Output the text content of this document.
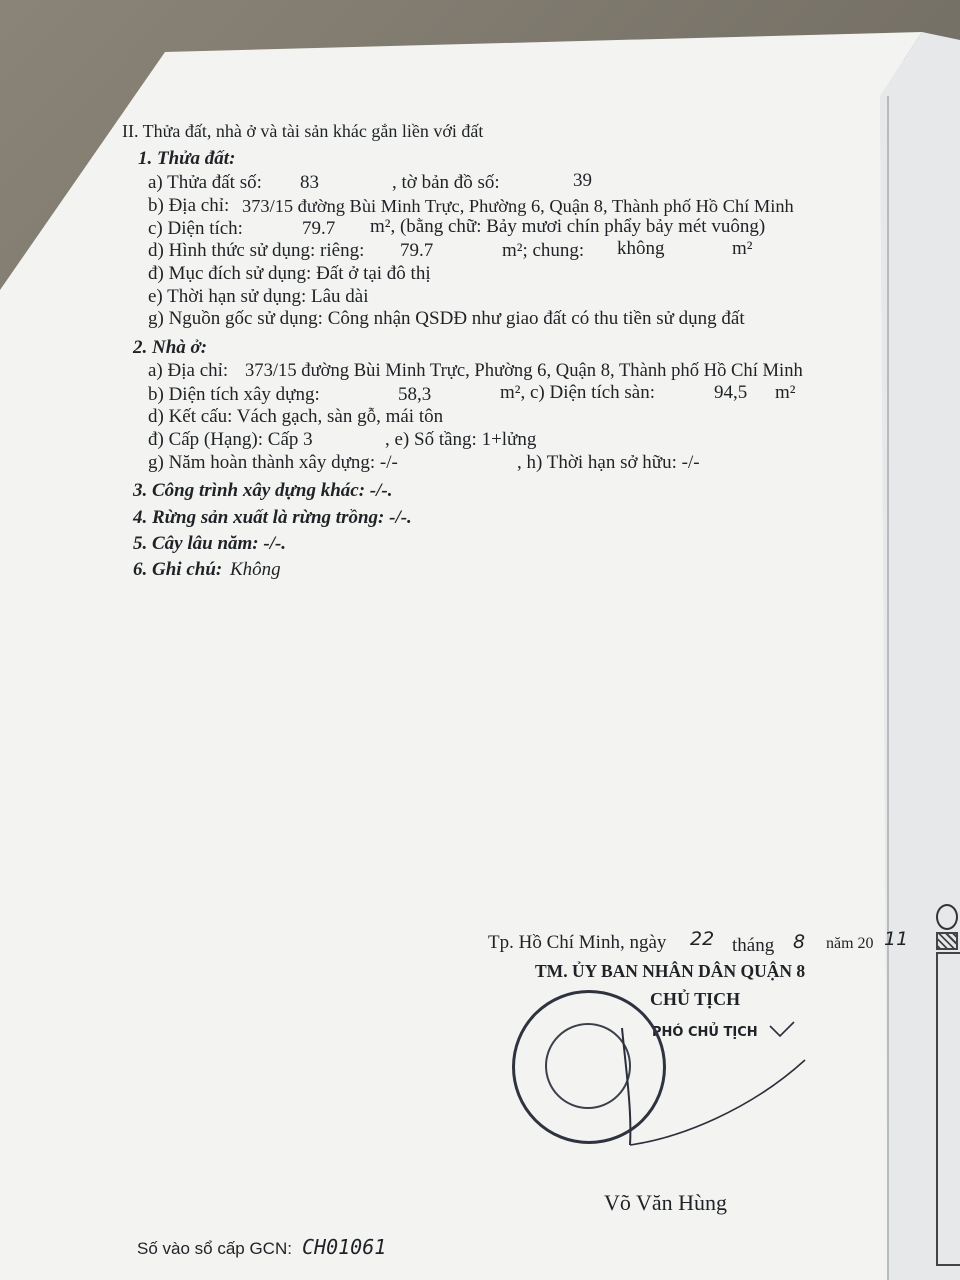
II. Thửa đất, nhà ở và tài sản khác gắn liền với đất
1. Thửa đất:
a) Thửa đất số: 83	, tờ bản đồ số:	39
b) Địa chỉ: 373/15 đường Bùi Minh Trực, Phường 6, Quận 8, Thành phố Hồ Chí Minh
c) Diện tích:	79.7 m², (bằng chữ: Bảy mươi chín phẩy bảy mét vuông)
d) Hình thức sử dụng: riêng: 79.7	m²; chung: không	m²
đ) Mục đích sử dụng: Đất ở tại đô thị
e) Thời hạn sử dụng: Lâu dài
g) Nguồn gốc sử dụng: Công nhận QSDĐ như giao đất có thu tiền sử dụng đất
2. Nhà ở:
a) Địa chỉ: 373/15 đường Bùi Minh Trực, Phường 6, Quận 8, Thành phố Hồ Chí Minh
b) Diện tích xây dựng:	58,3	m², c) Diện tích sàn:	94,5 m²
d) Kết cấu: Vách gạch, sàn gỗ, mái tôn
đ) Cấp (Hạng): Cấp 3	, e) Số tầng: 1+lửng
g) Năm hoàn thành xây dựng: -/-	, h) Thời hạn sở hữu: -/-
3. Công trình xây dựng khác: -/-.
4. Rừng sản xuất là rừng trồng: -/-.
5. Cây lâu năm: -/-.
6. Ghi chú: Không
Tp. Hồ Chí Minh, ngày 22 tháng 8 năm 20 11
TM. ỦY BAN NHÂN DÂN QUẬN 8
CHỦ TỊCH
PHÓ CHỦ TỊCH
Võ Văn Hùng
Số vào sổ cấp GCN: CH01061
